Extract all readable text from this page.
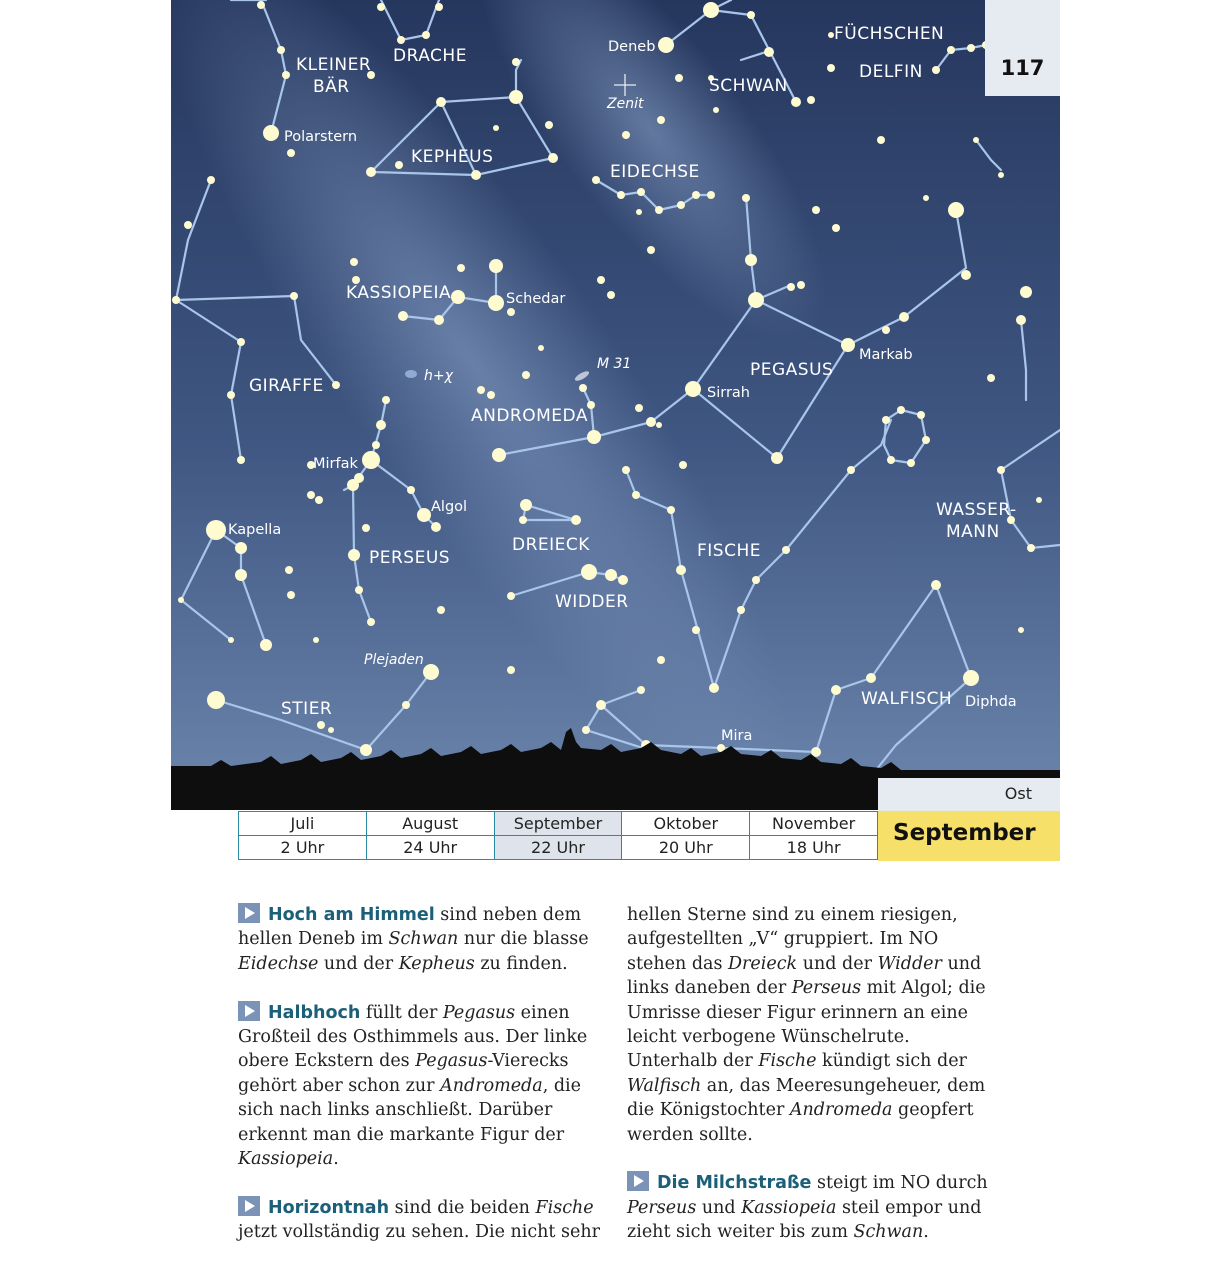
KLEINER
BÄR
DRACHE
KEPHEUS
KASSIOPEIA
GIRAFFE
ANDROMEDA
PERSEUS
DREIECK
WIDDER
STIER
EIDECHSE
SCHWAN
FÜCHSCHEN
DELFIN
PEGASUS
FISCHE
WASSER-
MANN
WALFISCH
Polarstern
Deneb
Schedar
Mirfak
Algol
Kapella
Sirrah
Markab
Diphda
Mira
Zenit
M 31
h+χ
Plejaden
117
Ost
September
Juli	August	September	Oktober	November
2 Uhr	24 Uhr	22 Uhr	20 Uhr	18 Uhr

Hoch am Himmel sind neben dem hellen Deneb im Schwan nur die blasse Eidechse und der Kepheus zu finden.

Halbhoch füllt der Pegasus einen Großteil des Osthimmels aus. Der linke obere Eckstern des Pegasus-Vierecks gehört aber schon zur Andromeda, die sich nach links anschließt. Darüber erkennt man die markante Figur der Kassiopeia.

Horizontnah sind die beiden Fische jetzt vollständig zu sehen. Die nicht sehr

hellen Sterne sind zu einem riesigen, aufgestellten „V“ gruppiert. Im NO stehen das Dreieck und der Widder und links daneben der Perseus mit Algol; die Umrisse dieser Figur erinnern an eine leicht verbogene Wünschelrute. Unterhalb der Fische kündigt sich der Walfisch an, das Meeresungeheuer, dem die Königstochter Andromeda geopfert werden sollte.

Die Milchstraße steigt im NO durch Perseus und Kassiopeia steil empor und zieht sich weiter bis zum Schwan.
